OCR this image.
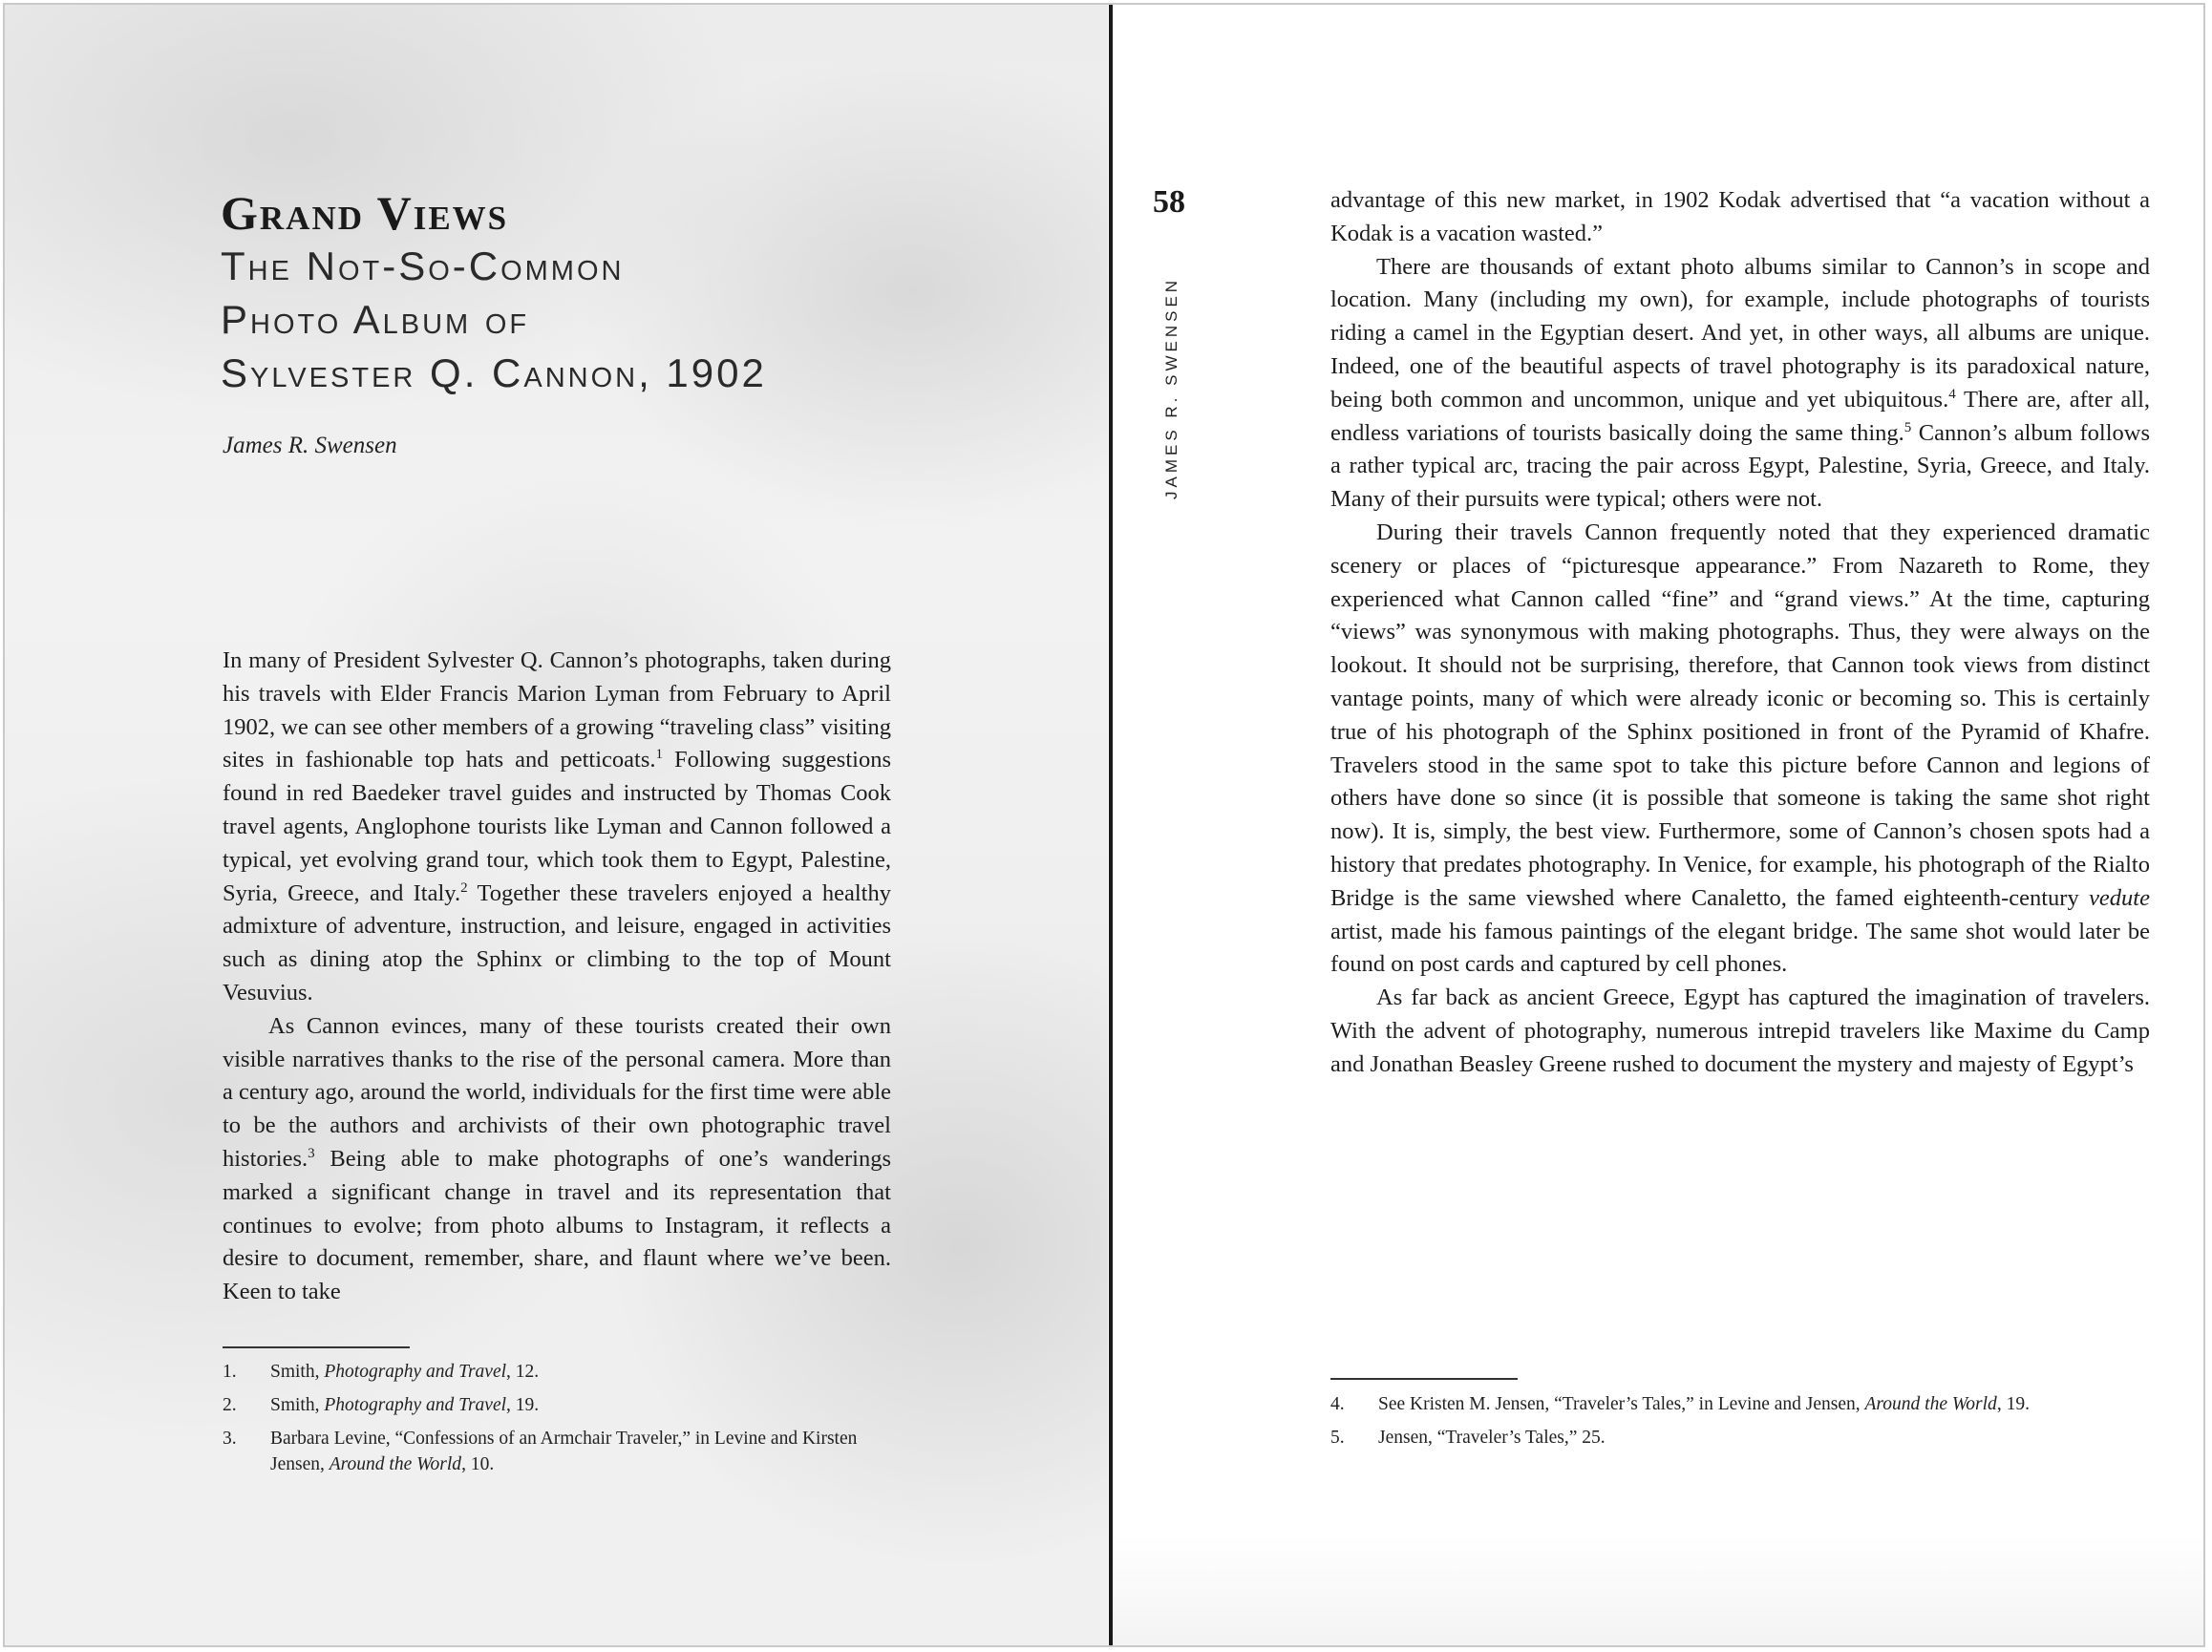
Grand Views
The Not-So-Common
Photo Album of
Sylvester Q. Cannon, 1902
James R. Swensen

In many of President Sylvester Q. Cannon’s photographs, taken during his travels with Elder Francis Marion Lyman from February to April 1902, we can see other members of a growing “traveling class” visiting sites in fashionable top hats and petticoats.$^1$ Following suggestions found in red Baedeker travel guides and instructed by Thomas Cook travel agents, Anglophone tourists like Lyman and Cannon followed a typical, yet evolving grand tour, which took them to Egypt, Palestine, Syria, Greece, and Italy.$^2$ Together these travelers enjoyed a healthy admixture of adventure, instruction, and leisure, engaged in activities such as dining atop the Sphinx or climbing to the top of Mount Vesuvius.

As Cannon evinces, many of these tourists created their own visible narratives thanks to the rise of the personal camera. More than a century ago, around the world, individuals for the first time were able to be the authors and archivists of their own photographic travel histories.$^3$ Being able to make photographs of one’s wanderings marked a significant change in travel and its representation that continues to evolve; from photo albums to Instagram, it reflects a desire to document, remember, share, and flaunt where we’ve been. Keen to take

1.	Smith, Photography and Travel, 12.
2.	Smith, Photography and Travel, 19.
3.	Barbara Levine, “Confessions of an Armchair Traveler,” in Levine and Kirsten Jensen, Around the World, 10.
58
JAMES R. SWENSEN

advantage of this new market, in 1902 Kodak advertised that “a vacation without a Kodak is a vacation wasted.”

There are thousands of extant photo albums similar to Cannon’s in scope and location. Many (including my own), for example, include photographs of tourists riding a camel in the Egyptian desert. And yet, in other ways, all albums are unique. Indeed, one of the beautiful aspects of travel photography is its paradoxical nature, being both common and uncommon, unique and yet ubiquitous.$^4$ There are, after all, endless variations of tourists basically doing the same thing.$^5$ Cannon’s album follows a rather typical arc, tracing the pair across Egypt, Palestine, Syria, Greece, and Italy. Many of their pursuits were typical; others were not.

During their travels Cannon frequently noted that they experienced dramatic scenery or places of “picturesque appearance.” From Nazareth to Rome, they experienced what Cannon called “fine” and “grand views.” At the time, capturing “views” was synonymous with making photographs. Thus, they were always on the lookout. It should not be surprising, therefore, that Cannon took views from distinct vantage points, many of which were already iconic or becoming so. This is certainly true of his photograph of the Sphinx positioned in front of the Pyramid of Khafre. Travelers stood in the same spot to take this picture before Cannon and legions of others have done so since (it is possible that someone is taking the same shot right now). It is, simply, the best view. Furthermore, some of Cannon’s chosen spots had a history that predates photography. In Venice, for example, his photograph of the Rialto Bridge is the same viewshed where Canaletto, the famed eighteenth-century vedute artist, made his famous paintings of the elegant bridge. The same shot would later be found on post cards and captured by cell phones.

As far back as ancient Greece, Egypt has captured the imagination of travelers. With the advent of photography, numerous intrepid travelers like Maxime du Camp and Jonathan Beasley Greene rushed to document the mystery and majesty of Egypt’s

4.	See Kristen M. Jensen, “Traveler’s Tales,” in Levine and Jensen, Around the World, 19.
5.	Jensen, “Traveler’s Tales,” 25.
